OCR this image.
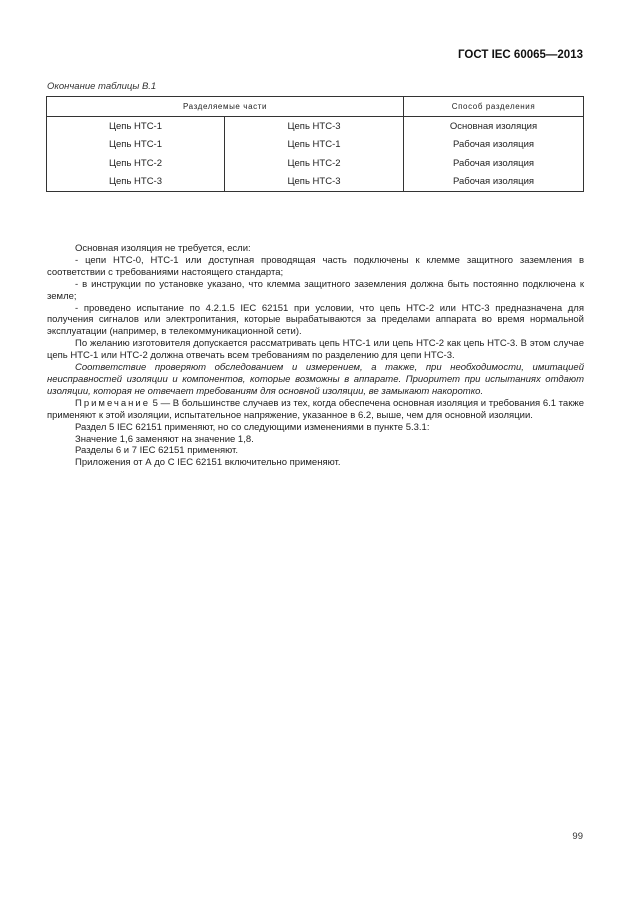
ГОСТ IEC 60065—2013
Окончание таблицы В.1
Разделяемые части		Способ разделения
Цепь НТС-1	Цепь НТС-3	Основная изоляция
Цепь НТС-1	Цепь НТС-1	Рабочая изоляция
Цепь НТС-2	Цепь НТС-2	Рабочая изоляция
Цепь НТС-3	Цепь НТС-3	Рабочая изоляция

Основная изоляция не требуется, если:

- цепи НТС-0, НТС-1 или доступная проводящая часть подключены к клемме защитного заземления в соответствии с требованиями настоящего стандарта;

- в инструкции по установке указано, что клемма защитного заземления должна быть постоянно подключена к земле;

- проведено испытание по 4.2.1.5 IEC 62151 при условии, что цепь НТС-2 или НТС-3 предназначена для получения сигналов или электропитания, которые вырабатываются за пределами аппарата во время нормальной эксплуатации (например, в телекоммуникационной сети).

По желанию изготовителя допускается рассматривать цепь НТС-1 или цепь НТС-2 как цепь НТС-3. В этом случае цепь НТС-1 или НТС-2 должна отвечать всем требованиям по разделению для цепи НТС-3.

Соответствие проверяют обследованием и измерением, а также, при необходимости, имитацией неисправностей изоляции и компонентов, которые возможны в аппарате. Приоритет при испытаниях отдают изоляции, которая не отвечает требованиям для основной изоляции, ве замыкают накоротко.

Примечание 5 — В большинстве случаев из тех, когда обеспечена основная изоляция и требования 6.1 также применяют к этой изоляции, испытательное напряжение, указанное в 6.2, выше, чем для основной изоляции.

Раздел 5 IEC 62151 применяют, но со следующими изменениями в пункте 5.3.1:

Значение 1,6 заменяют на значение 1,8.

Разделы 6 и 7 IEC 62151 применяют.

Приложения от А до С IEC 62151 включительно применяют.

99
